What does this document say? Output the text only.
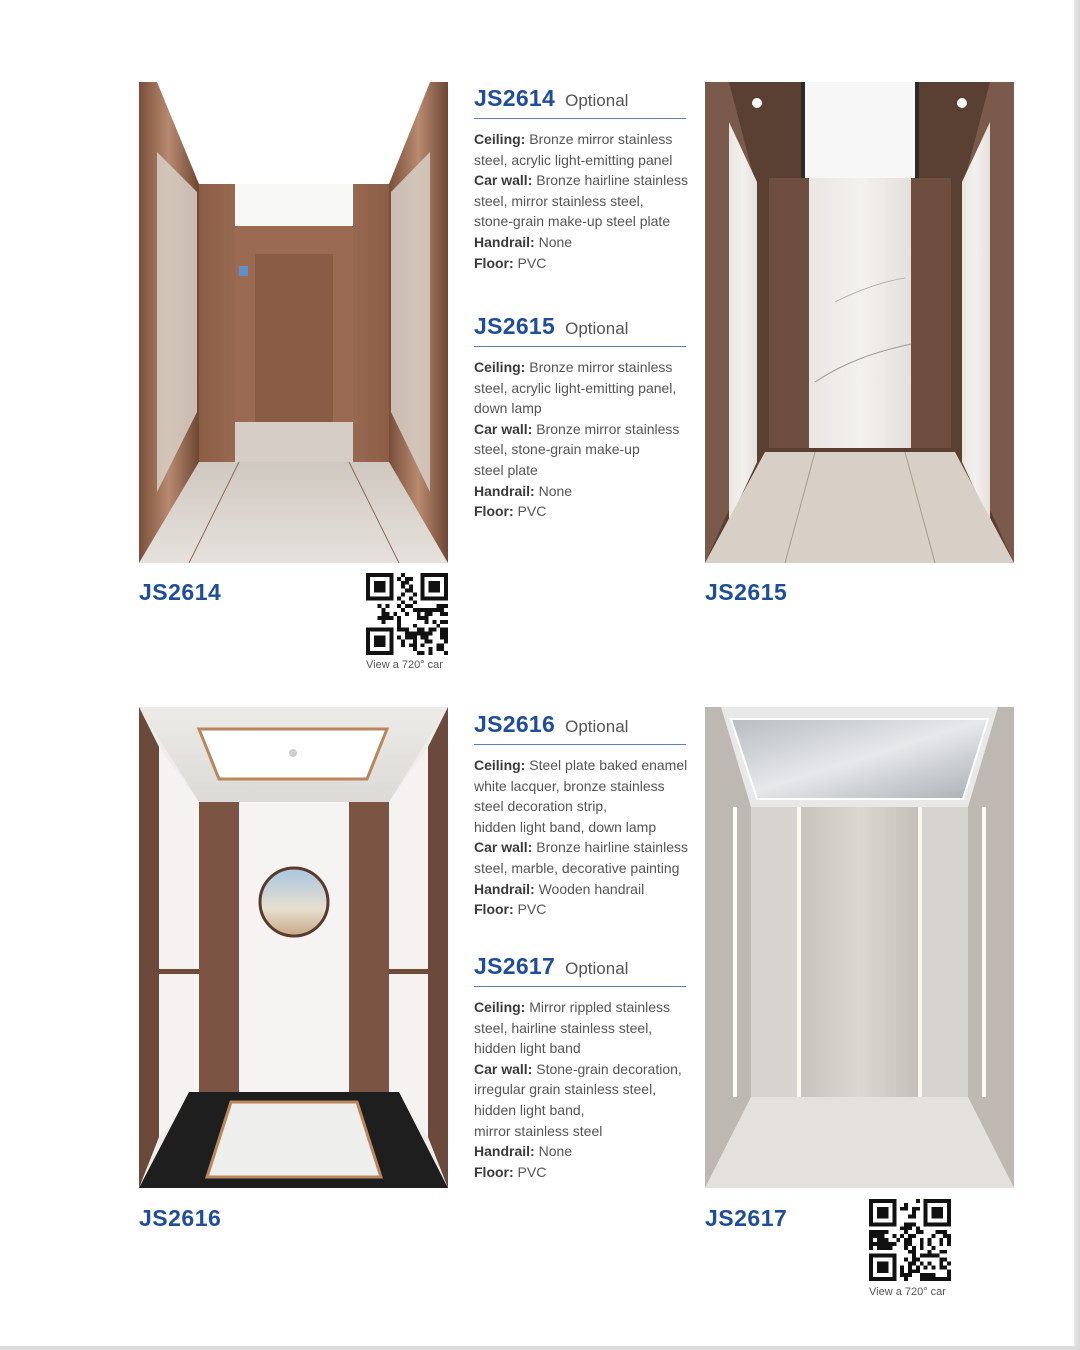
JS2614
View a 720° car
JS2615
JS2616	JS2617
View a 720° car
JS2614 Optional
Ceiling: Bronze mirror stainless
steel, acrylic light-emitting panel
Car wall: Bronze hairline stainless
steel, mirror stainless steel,
stone-grain make-up steel plate
Handrail: None
Floor: PVC
JS2615 Optional
Ceiling: Bronze mirror stainless
steel, acrylic light-emitting panel,
down lamp
Car wall: Bronze mirror stainless
steel, stone-grain make-up
steel plate
Handrail: None
Floor: PVC
JS2616 Optional
Ceiling: Steel plate baked enamel
white lacquer, bronze stainless
steel decoration strip,
hidden light band, down lamp
Car wall: Bronze hairline stainless
steel, marble, decorative painting
Handrail: Wooden handrail
Floor: PVC
JS2617 Optional
Ceiling: Mirror rippled stainless
steel, hairline stainless steel,
hidden light band
Car wall: Stone-grain decoration,
irregular grain stainless steel,
hidden light band,
mirror stainless steel
Handrail: None
Floor: PVC
